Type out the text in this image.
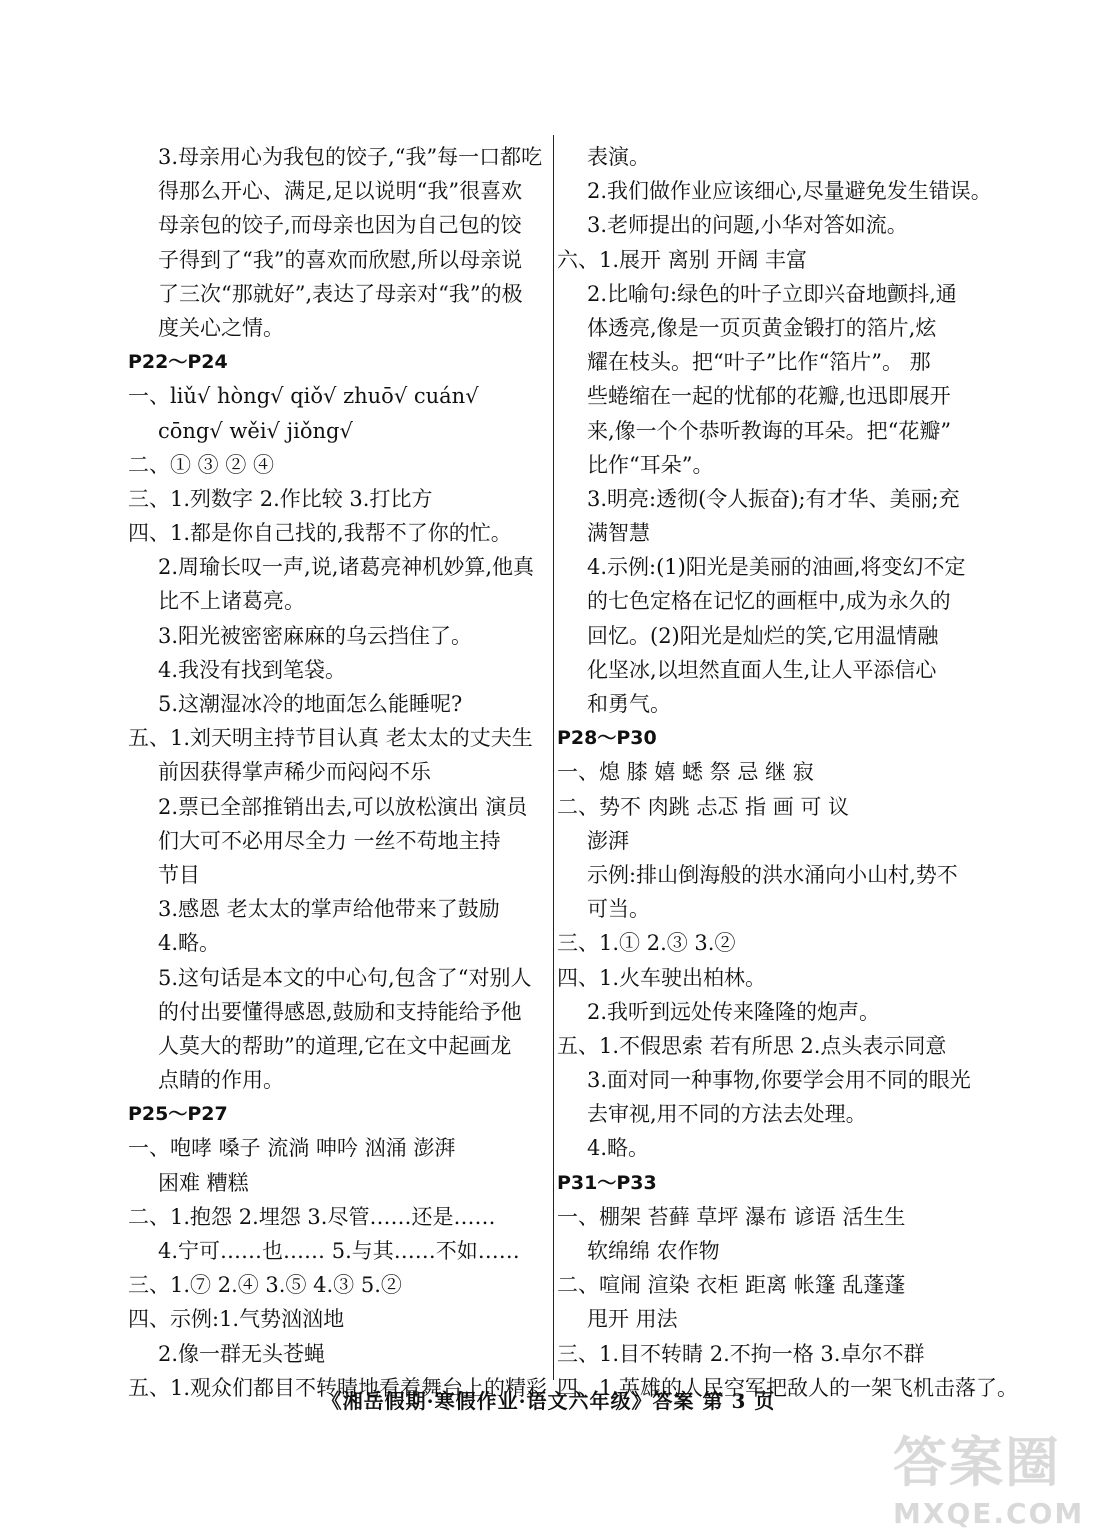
3.母亲用心为我包的饺子,“我”每一口都吃
得那么开心、满足,足以说明“我”很喜欢
母亲包的饺子,而母亲也因为自己包的饺
子得到了“我”的喜欢而欣慰,所以母亲说
了三次“那就好”,表达了母亲对“我”的极
度关心之情。
P22～P24
一、liǔ√ hòng√ qiǒ√ zhuō√ cuán√
cōng√ wěi√ jiǒng√
二、① ③ ② ④
三、1.列数字 2.作比较 3.打比方
四、1.都是你自己找的,我帮不了你的忙。
2.周瑜长叹一声,说,诸葛亮神机妙算,他真
比不上诸葛亮。
3.阳光被密密麻麻的乌云挡住了。
4.我没有找到笔袋。
5.这潮湿冰冷的地面怎么能睡呢?
五、1.刘天明主持节目认真 老太太的丈夫生
前因获得掌声稀少而闷闷不乐
2.票已全部推销出去,可以放松演出 演员
们大可不必用尽全力 一丝不苟地主持
节目
3.感恩 老太太的掌声给他带来了鼓励
4.略。
5.这句话是本文的中心句,包含了“对别人
的付出要懂得感恩,鼓励和支持能给予他
人莫大的帮助”的道理,它在文中起画龙
点睛的作用。
P25～P27
一、咆哮 嗓子 流淌 呻吟 汹涌 澎湃
困难 糟糕
二、1.抱怨 2.埋怨 3.尽管……还是……
4.宁可……也…… 5.与其……不如……
三、1.⑦ 2.④ 3.⑤ 4.③ 5.②
四、示例:1.气势汹汹地
2.像一群无头苍蝇
五、1.观众们都目不转睛地看着舞台上的精彩
表演。
2.我们做作业应该细心,尽量避免发生错误。
3.老师提出的问题,小华对答如流。
六、1.展开 离别 开阔 丰富
2.比喻句:绿色的叶子立即兴奋地颤抖,通
体透亮,像是一页页黄金锻打的箔片,炫
耀在枝头。把“叶子”比作“箔片”。 那
些蜷缩在一起的忧郁的花瓣,也迅即展开
来,像一个个恭听教诲的耳朵。把“花瓣”
比作“耳朵”。
3.明亮:透彻(令人振奋);有才华、美丽;充
满智慧
4.示例:(1)阳光是美丽的油画,将变幻不定
的七色定格在记忆的画框中,成为永久的
回忆。(2)阳光是灿烂的笑,它用温情融
化坚冰,以坦然直面人生,让人平添信心
和勇气。
P28～P30
一、熄 膝 嬉 蟋 祭 忌 继 寂
二、势不 肉跳 忐忑 指 画 可 议
澎湃
示例:排山倒海般的洪水涌向小山村,势不
可当。
三、1.① 2.③ 3.②
四、1.火车驶出柏林。
2.我听到远处传来隆隆的炮声。
五、1.不假思索 若有所思 2.点头表示同意
3.面对同一种事物,你要学会用不同的眼光
去审视,用不同的方法去处理。
4.略。
P31～P33
一、棚架 苔藓 草坪 瀑布 谚语 活生生
软绵绵 农作物
二、喧闹 渲染 衣柜 距离 帐篷 乱蓬蓬
甩开 用法
三、1.目不转睛 2.不拘一格 3.卓尔不群
四、1.英雄的人民空军把敌人的一架飞机击落了。
《湘岳假期·寒假作业·语文六年级》答案 第 3 页
答案圈
MXQE.COM
